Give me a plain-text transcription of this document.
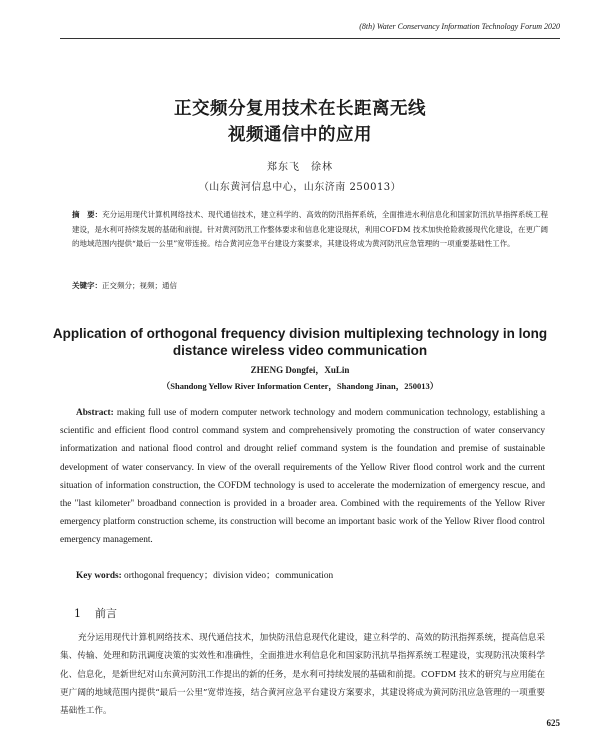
(8th) Water Conservancy Information Technology Forum 2020
正交频分复用技术在长距离无线
视频通信中的应用
郑东飞　徐林
（山东黄河信息中心，山东济南 250013）
摘　要：充分运用现代计算机网络技术、现代通信技术，建立科学的、高效的防汛指挥系统，全面推进水利信息化和国家防汛抗旱指挥系统工程建设，是水利可持续发展的基础和前提。针对黄河防汛工作整体要求和信息化建设现状，利用COFDM 技术加快抢险救援现代化建设，在更广阔的地域范围内提供“最后一公里”宽带连接。结合黄河应急平台建设方案要求，其建设将成为黄河防汛应急管理的一项重要基础性工作。
关键字：正交频分；视频；通信
Application of orthogonal frequency division multiplexing technology in long distance wireless video communication
ZHENG Dongfei，XuLin
（Shandong Yellow River Information Center，Shandong Jinan，250013）
Abstract: making full use of modern computer network technology and modern communication technology, establishing a scientific and efficient flood control command system and comprehensively promoting the construction of water conservancy informatization and national flood control and drought relief command system is the foundation and premise of sustainable development of water conservancy. In view of the overall requirements of the Yellow River flood control work and the current situation of information construction, the COFDM technology is used to accelerate the modernization of emergency rescue, and the "last kilometer" broadband connection is provided in a broader area. Combined with the requirements of the Yellow River emergency platform construction scheme, its construction will become an important basic work of the Yellow River flood control emergency management.
Key words: orthogonal frequency；division video；communication
1 前言
充分运用现代计算机网络技术、现代通信技术，加快防汛信息现代化建设，建立科学的、高效的防汛指挥系统，提高信息采集、传输、处理和防汛调度决策的实效性和准确性，全面推进水利信息化和国家防汛抗旱指挥系统工程建设，实现防汛决策科学化、信息化，是新世纪对山东黄河防汛工作提出的新的任务，是水利可持续发展的基础和前提。COFDM 技术的研究与应用能在更广阔的地域范围内提供“最后一公里”宽带连接，结合黄河应急平台建设方案要求，其建设将成为黄河防汛应急管理的一项重要基础性工作。
625
